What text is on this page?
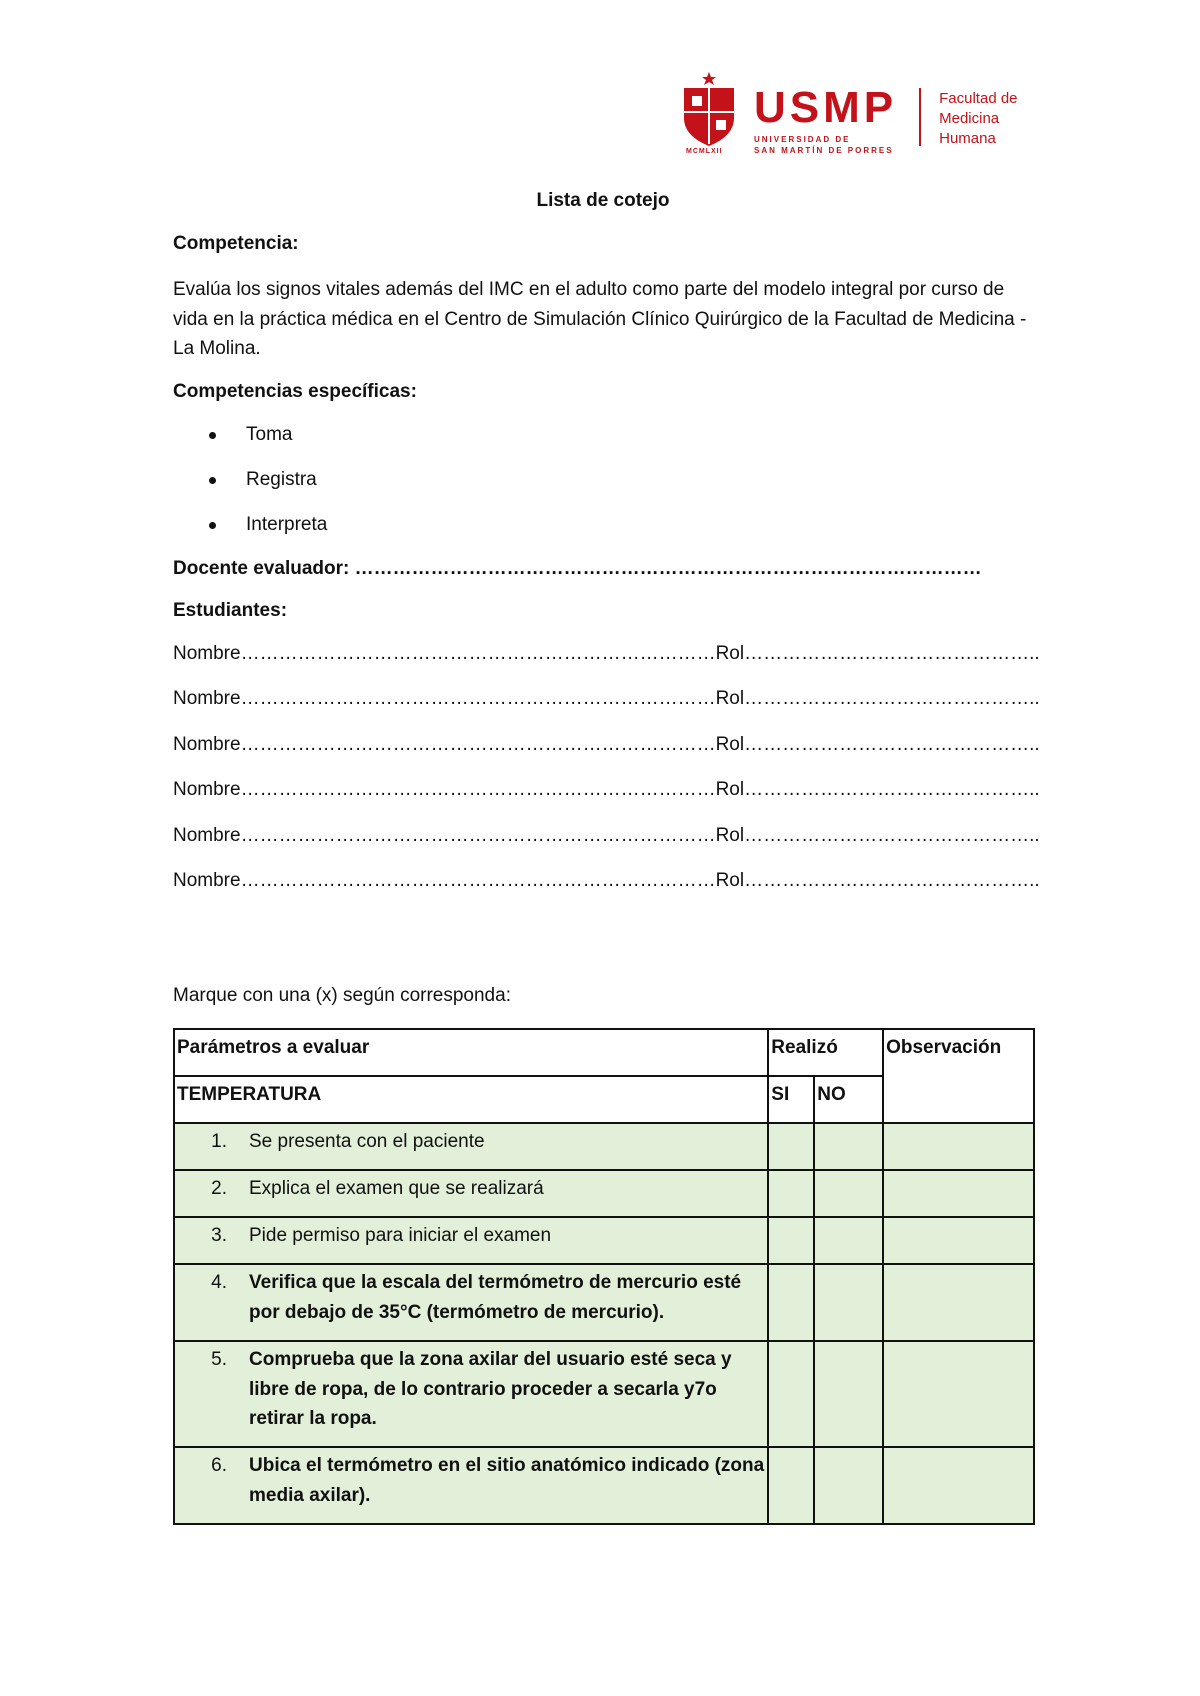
MCMLXII
USMP
UNIVERSIDAD DE
SAN MARTÍN DE PORRES
Facultad de
Medicina
Humana
Lista de cotejo
Competencia:
Evalúa los signos vitales además del IMC en el adulto como parte del modelo integral por curso de vida en la práctica médica en el Centro de Simulación Clínico Quirúrgico de la Facultad de Medicina - La Molina.
Competencias específicas:
Toma
Registra
Interpreta
Docente evaluador: ………………………………………………………………………………………
Estudiantes:
Nombre…………………………………………………………………Rol………………………………………..
Nombre…………………………………………………………………Rol………………………………………..
Nombre…………………………………………………………………Rol………………………………………..
Nombre…………………………………………………………………Rol………………………………………..
Nombre…………………………………………………………………Rol………………………………………..
Nombre…………………………………………………………………Rol………………………………………..
Marque con una (x) según corresponda:
Parámetros a evaluar	Realizó		Observación
TEMPERATURA	SI	NO	

1. Se presenta con el paciente			

2. Explica el examen que se realizará			

3. Pide permiso para iniciar el examen			

4. Verifica que la escala del termómetro de mercurio esté por debajo de 35°C (termómetro de mercurio).			

5. Comprueba que la zona axilar del usuario esté seca y libre de ropa, de lo contrario proceder a secarla y7o retirar la ropa.			

6. Ubica el termómetro en el sitio anatómico indicado (zona media axilar).			
